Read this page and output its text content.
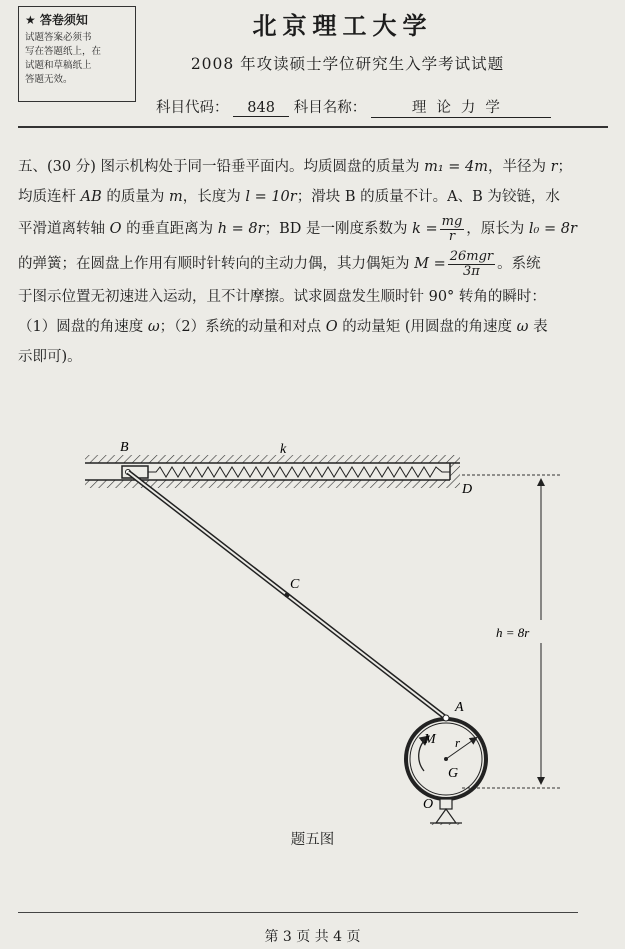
★ 答卷须知
试题答案必须书
写在答题纸上，在
试题和草稿纸上
答题无效。
北京理工大学
2008 年攻读硕士学位研究生入学考试试题
科目代码： 848 科目名称：	理论力学

五、(30 分) 图示机构处于同一铅垂平面内。均质圆盘的质量为 m₁ = 4m，半径为 r；

均质连杆 AB 的质量为 m，长度为 l = 10r；滑块 B 的质量不计。A、B 为铰链，水

平滑道离转轴 O 的垂直距离为 h = 8r；BD 是一刚度系数为 $k = \frac{mg}{r}$ ，原长为 l₀ = 8r

的弹簧；在圆盘上作用有顺时针转向的主动力偶，其力偶矩为 $M = \frac{\text{26mgr}}{3\pi}$ 。系统

于图示位置无初速进入运动，且不计摩擦。试求圆盘发生顺时针 90° 转角的瞬时：

（1）圆盘的角速度 ω；（2）系统的动量和对点 O 的动量矩 (用圆盘的角速度 ω 表

示即可)。

B	k
D
C
A
h = 8r
M r
G
O
题五图
第 3 页 共 4 页
